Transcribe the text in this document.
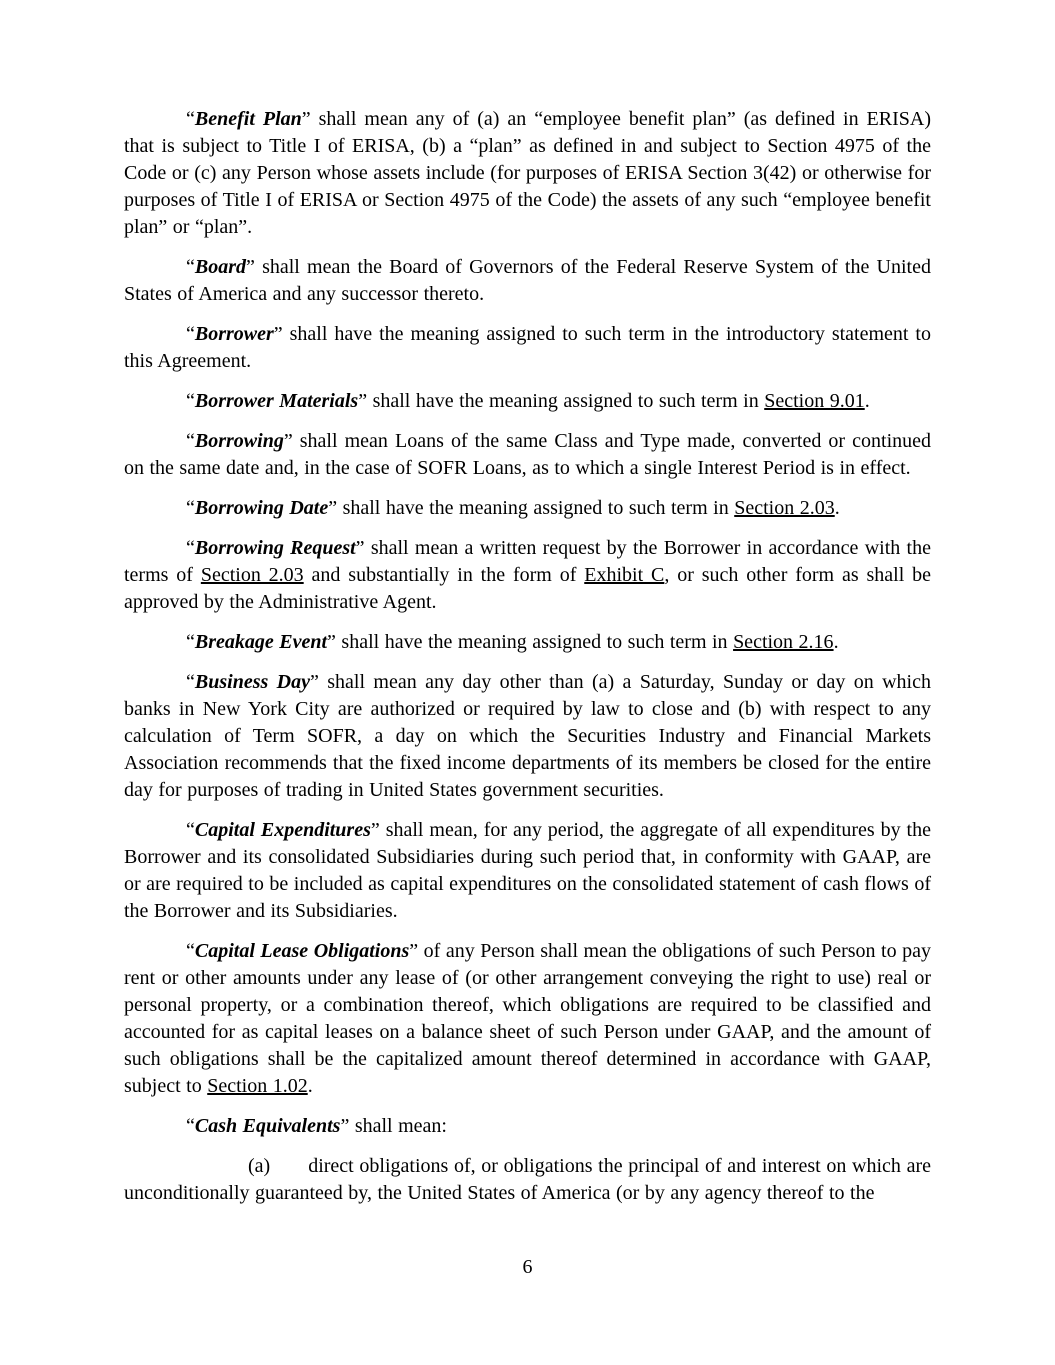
“Benefit Plan” shall mean any of (a) an “employee benefit plan” (as defined in ERISA) that is subject to Title I of ERISA, (b) a “plan” as defined in and subject to Section 4975 of the Code or (c) any Person whose assets include (for purposes of ERISA Section 3(42) or otherwise for purposes of Title I of ERISA or Section 4975 of the Code) the assets of any such “employee benefit plan” or “plan”.

“Board” shall mean the Board of Governors of the Federal Reserve System of the United States of America and any successor thereto.

“Borrower” shall have the meaning assigned to such term in the introductory statement to this Agreement.

“Borrower Materials” shall have the meaning assigned to such term in Section 9.01.

“Borrowing” shall mean Loans of the same Class and Type made, converted or continued on the same date and, in the case of SOFR Loans, as to which a single Interest Period is in effect.

“Borrowing Date” shall have the meaning assigned to such term in Section 2.03.

“Borrowing Request” shall mean a written request by the Borrower in accordance with the terms of Section 2.03 and substantially in the form of Exhibit C, or such other form as shall be approved by the Administrative Agent.

“Breakage Event” shall have the meaning assigned to such term in Section 2.16.

“Business Day” shall mean any day other than (a) a Saturday, Sunday or day on which banks in New York City are authorized or required by law to close and (b) with respect to any calculation of Term SOFR, a day on which the Securities Industry and Financial Markets Association recommends that the fixed income departments of its members be closed for the entire day for purposes of trading in United States government securities.

“Capital Expenditures” shall mean, for any period, the aggregate of all expenditures by the Borrower and its consolidated Subsidiaries during such period that, in conformity with GAAP, are or are required to be included as capital expenditures on the consolidated statement of cash flows of the Borrower and its Subsidiaries.

“Capital Lease Obligations” of any Person shall mean the obligations of such Person to pay rent or other amounts under any lease of (or other arrangement conveying the right to use) real or personal property, or a combination thereof, which obligations are required to be classified and accounted for as capital leases on a balance sheet of such Person under GAAP, and the amount of such obligations shall be the capitalized amount thereof determined in accordance with GAAP, subject to Section 1.02.

“Cash Equivalents” shall mean:

(a) direct obligations of, or obligations the principal of and interest on which are unconditionally guaranteed by, the United States of America (or by any agency thereof to the

6
